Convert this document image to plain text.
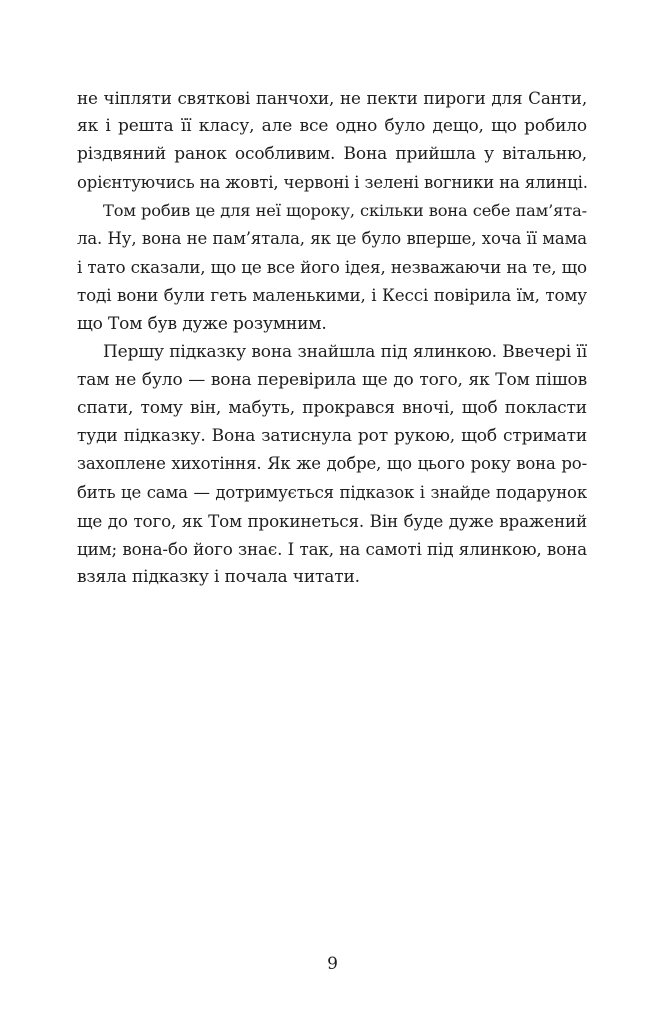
не чіпляти святкові панчохи, не пекти пироги для Санти,
як і решта її класу, але все одно було дещо, що робило
різдвяний ранок особливим. Вона прийшла у вітальню,
орієнтуючись на жовті, червоні і зелені вогники на ялинці.
Том робив це для неї щороку, скільки вона себе пам’ята-
ла. Ну, вона не пам’ятала, як це було вперше, хоча її мама
і тато сказали, що це все його ідея, незважаючи на те, що
тоді вони були геть маленькими, і Кессі повірила їм, тому
що Том був дуже розумним.
Першу підказку вона знайшла під ялинкою. Ввечері її
там не було — вона перевірила ще до того, як Том пішов
спати, тому він, мабуть, прокрався вночі, щоб покласти
туди підказку. Вона затиснула рот рукою, щоб стримати
захоплене хихотіння. Як же добре, що цього року вона ро-
бить це сама — дотримується підказок і знайде подарунок
ще до того, як Том прокинеться. Він буде дуже вражений
цим; вона-бо його знає. І так, на самоті під ялинкою, вона
взяла підказку і почала читати.
9
